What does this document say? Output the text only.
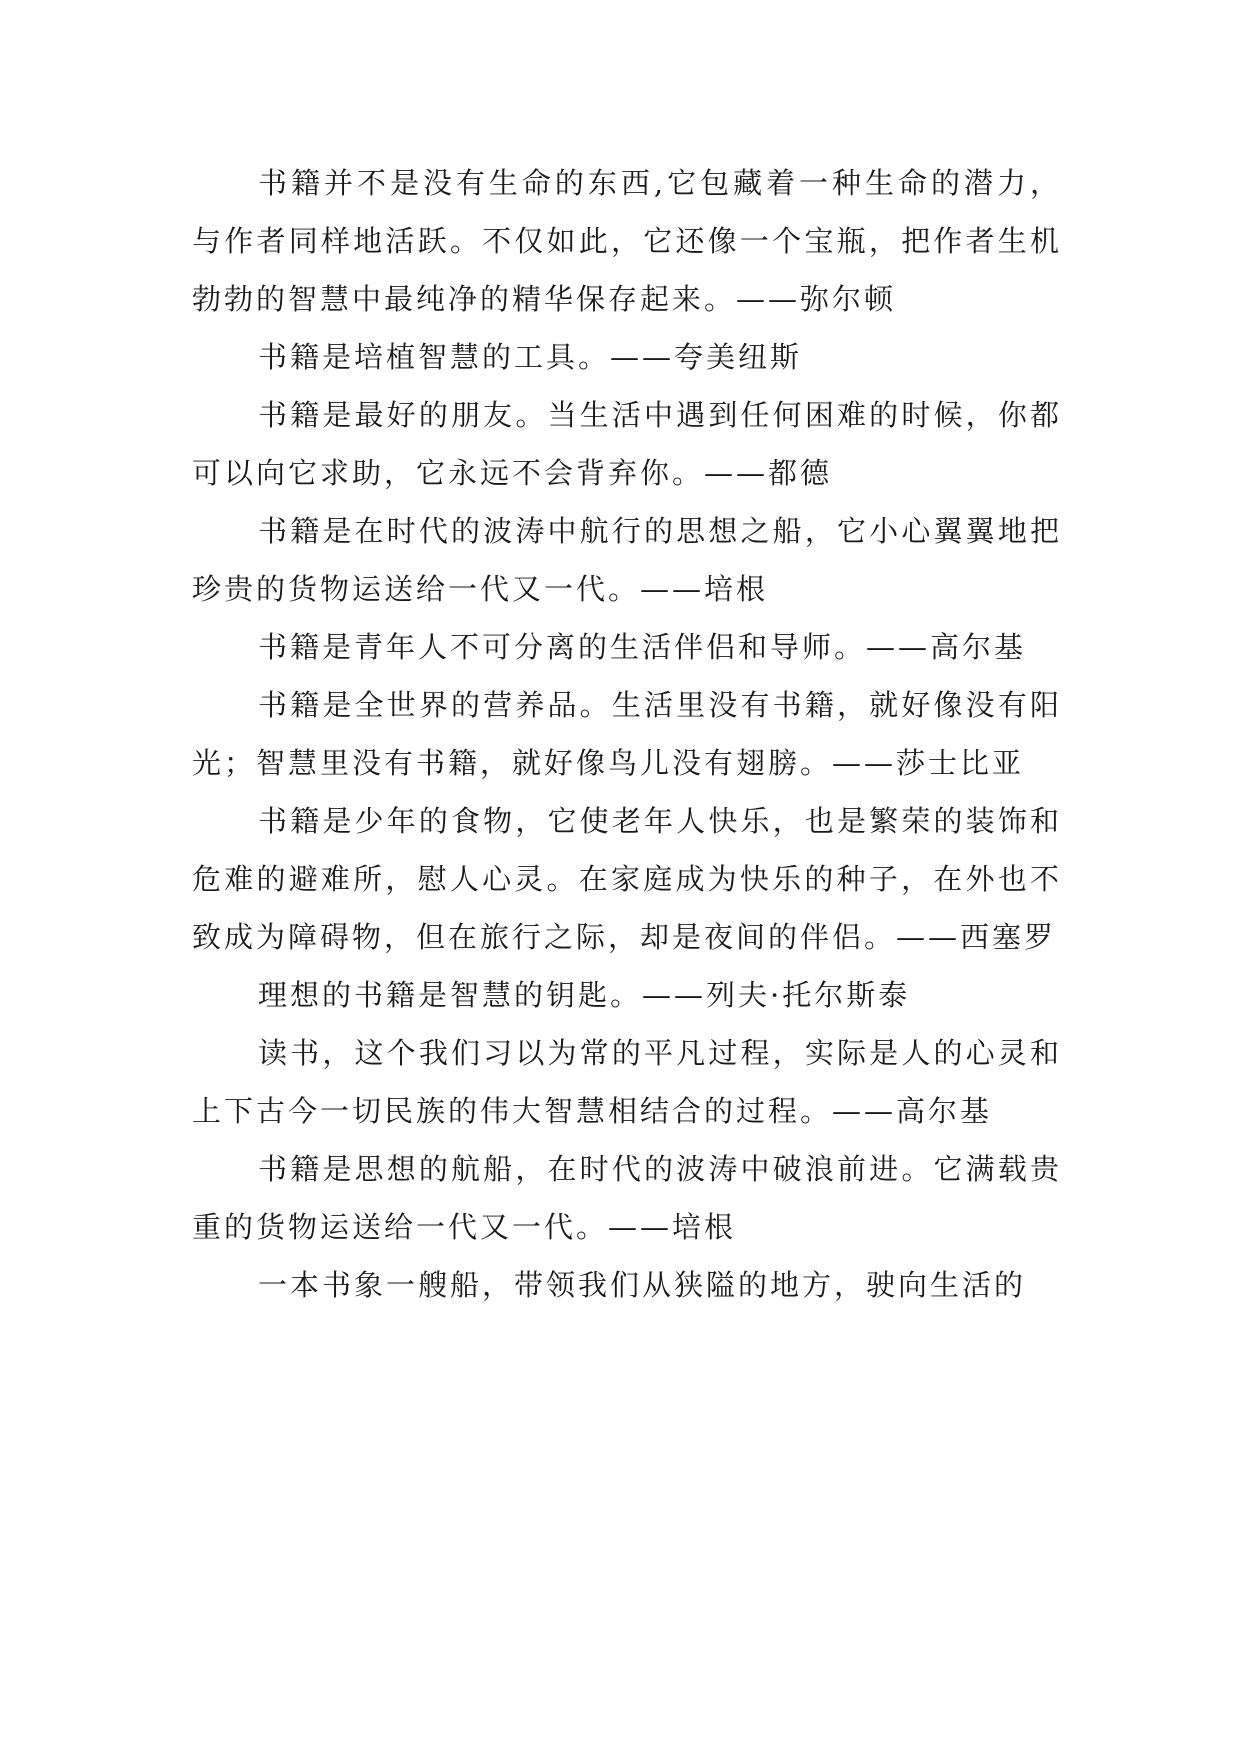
书籍并不是没有生命的东西,它包藏着一种生命的潜力，与作者同样地活跃。不仅如此，它还像一个宝瓶，把作者生机勃勃的智慧中最纯净的精华保存起来。——弥尔顿

书籍是培植智慧的工具。——夸美纽斯

书籍是最好的朋友。当生活中遇到任何困难的时候，你都可以向它求助，它永远不会背弃你。——都德

书籍是在时代的波涛中航行的思想之船，它小心翼翼地把珍贵的货物运送给一代又一代。——培根

书籍是青年人不可分离的生活伴侣和导师。——高尔基

书籍是全世界的营养品。生活里没有书籍，就好像没有阳光；智慧里没有书籍，就好像鸟儿没有翅膀。——莎士比亚

书籍是少年的食物，它使老年人快乐，也是繁荣的装饰和危难的避难所，慰人心灵。在家庭成为快乐的种子，在外也不致成为障碍物，但在旅行之际，却是夜间的伴侣。——西塞罗

理想的书籍是智慧的钥匙。——列夫·托尔斯泰

读书，这个我们习以为常的平凡过程，实际是人的心灵和上下古今一切民族的伟大智慧相结合的过程。——高尔基

书籍是思想的航船，在时代的波涛中破浪前进。它满载贵重的货物运送给一代又一代。——培根

一本书象一艘船，带领我们从狭隘的地方，驶向生活的
